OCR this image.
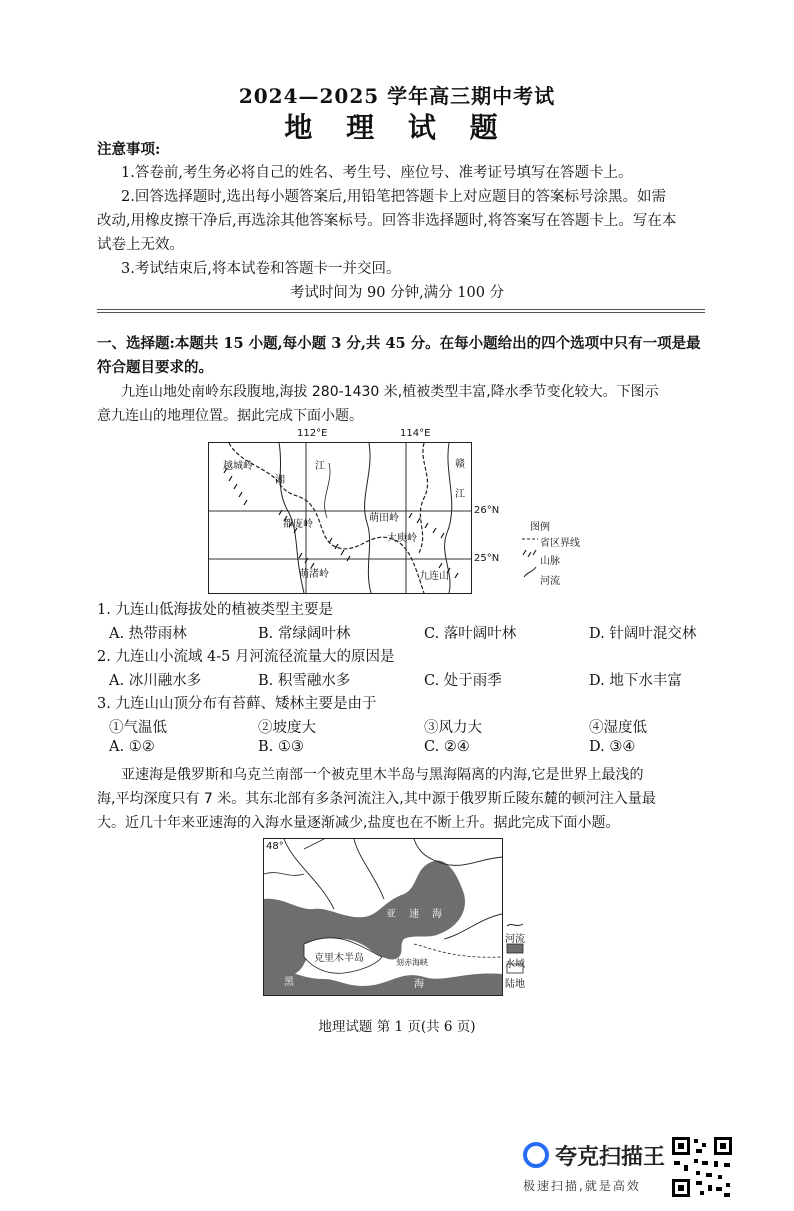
2024—2025 学年高三期中考试
地 理 试 题
注意事项:
1.答卷前,考生务必将自己的姓名、考生号、座位号、准考证号填写在答题卡上。
2.回答选择题时,选出每小题答案后,用铅笔把答题卡上对应题目的答案标号涂黑。如需
改动,用橡皮擦干净后,再选涂其他答案标号。回答非选择题时,将答案写在答题卡上。写在本
试卷上无效。
3.考试结束后,将本试卷和答题卡一并交回。
考试时间为 90 分钟,满分 100 分
一、选择题:本题共 15 小题,每小题 3 分,共 45 分。在每小题给出的四个选项中只有一项是最
符合题目要求的。
九连山地处南岭东段腹地,海拔 280-1430 米,植被类型丰富,降水季节变化较大。下图示
意九连山的地理位置。据此完成下面小题。
112°E	114°E
越城岭
湘
江	赣
江
都庞岭
萌田岭
大庾岭
萌渚岭	九连山
26°N
25°N
图例
省区界线
山脉
河流
1. 九连山低海拔处的植被类型主要是
A. 热带雨林	B. 常绿阔叶林	C. 落叶阔叶林	D. 针阔叶混交林
2. 九连山小流域 4-5 月河流径流量大的原因是
A. 冰川融水多	B. 积雪融水多	C. 处于雨季	D. 地下水丰富
3. 九连山山顶分布有苔藓、矮林主要是由于
①气温低	②坡度大	③风力大	④湿度低
A. ①②	B. ①③	C. ②④	D. ③④
亚速海是俄罗斯和乌克兰南部一个被克里木半岛与黑海隔离的内海,它是世界上最浅的
海,平均深度只有 7 米。其东北部有多条河流注入,其中源于俄罗斯丘陵东麓的顿河注入量最
大。近几十年来亚速海的入海水量逐渐减少,盐度也在不断上升。据此完成下面小题。
48°
亚 速 海
克里木半岛
黑	海
刻赤海峡
河流
水域
陆地
地理试题 第 1 页(共 6 页)
夸克扫描王
极速扫描,就是高效
